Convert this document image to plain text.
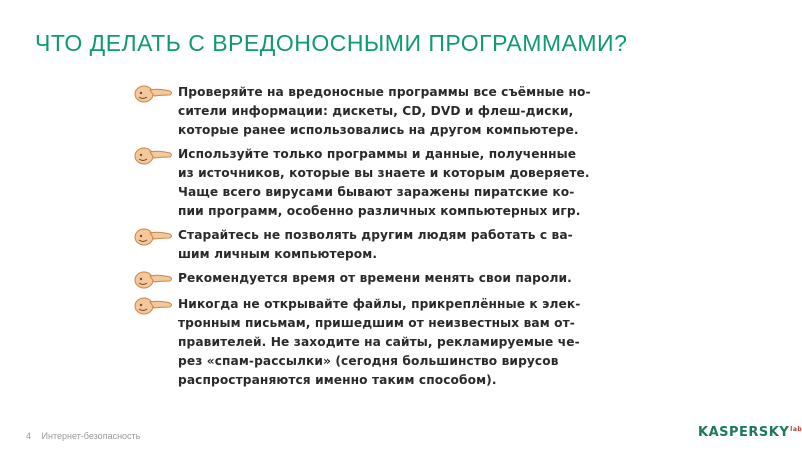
ЧТО ДЕЛАТЬ С ВРЕДОНОСНЫМИ ПРОГРАММАМИ?
Проверяйте на вредоносные программы все съёмные но-
сители информации: дискеты, CD, DVD и флеш-диски,
которые ранее использовались на другом компьютере.
Используйте только программы и данные, полученные
из источников, которые вы знаете и которым доверяете.
Чаще всего вирусами бывают заражены пиратские ко-
пии программ, особенно различных компьютерных игр.
Старайтесь не позволять другим людям работать с ва-
шим личным компьютером.
Рекомендуется время от времени менять свои пароли.
Никогда не открывайте файлы, прикреплённые к элек-
тронным письмам, пришедшим от неизвестных вам от-
правителей. Не заходите на сайты, рекламируемые че-
рез «спам-рассылки» (сегодня большинство вирусов
распространяются именно таким способом).
4 Интернет-безопасность	$KASPERSKY^{lab}$
